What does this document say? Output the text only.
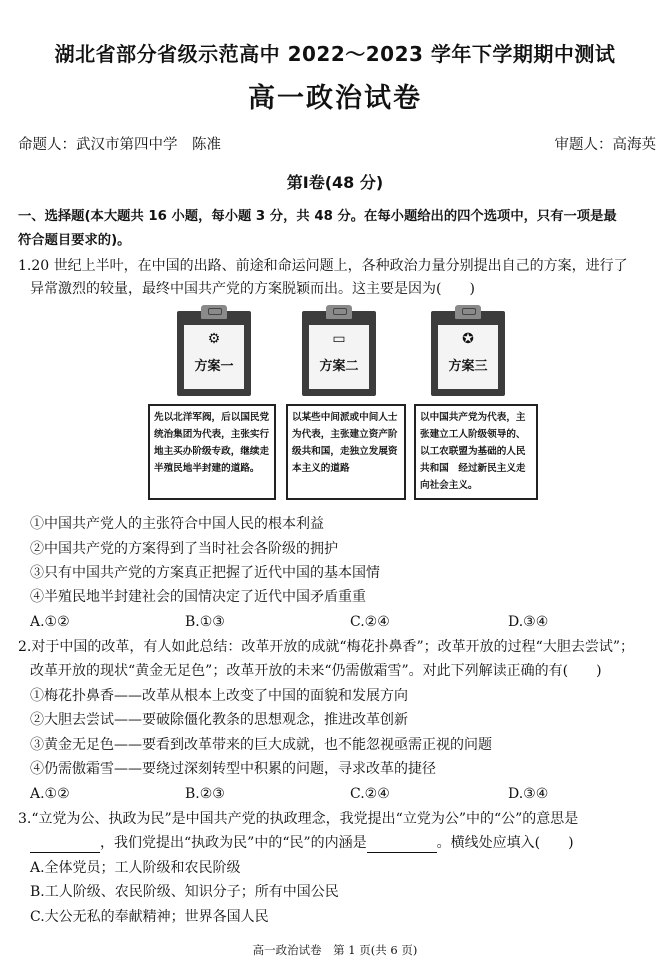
湖北省部分省级示范高中 2022～2023 学年下学期期中测试
高一政治试卷
命题人：武汉市第四中学　陈准	审题人：高海英
第Ⅰ卷(48 分)
一、选择题(本大题共 16 小题，每小题 3 分，共 48 分。在每小题给出的四个选项中，只有一项是最
符合题目要求的)。
1.20 世纪上半叶，在中国的出路、前途和命运问题上，各种政治力量分别提出自己的方案，进行了
异常激烈的较量，最终中国共产党的方案脱颖而出。这主要是因为(　　)
⚙
方案一
▭
方案二
✪
方案三
先以北洋军阀，后以国民党统治集团为代表，主张实行地主买办阶级专政，继续走半殖民地半封建的道路。
以某些中间派或中间人士为代表，主张建立资产阶级共和国，走独立发展资本主义的道路
以中国共产党为代表，主张建立工人阶级领导的、以工农联盟为基础的人民共和国　经过新民主义走向社会主义。
①中国共产党人的主张符合中国人民的根本利益
②中国共产党的方案得到了当时社会各阶级的拥护
③只有中国共产党的方案真正把握了近代中国的基本国情
④半殖民地半封建社会的国情决定了近代中国矛盾重重
A.①②	B.①③	C.②④	D.③④
2.对于中国的改革，有人如此总结：改革开放的成就“梅花扑鼻香”；改革开放的过程“大胆去尝试”；
改革开放的现状“黄金无足色”；改革开放的未来“仍需傲霜雪”。对此下列解读正确的有(　　)
①梅花扑鼻香——改革从根本上改变了中国的面貌和发展方向
②大胆去尝试——要破除僵化教条的思想观念，推进改革创新
③黄金无足色——要看到改革带来的巨大成就，也不能忽视亟需正视的问题
④仍需傲霜雪——要绕过深刻转型中积累的问题，寻求改革的捷径
A.①②	B.②③	C.②④	D.③④
3.“立党为公、执政为民”是中国共产党的执政理念，我党提出“立党为公”中的“公”的意思是
，我们党提出“执政为民”中的“民”的内涵是	。横线处应填入(　　)
A.全体党员；工人阶级和农民阶级
B.工人阶级、农民阶级、知识分子；所有中国公民
C.大公无私的奉献精神；世界各国人民
高一政治试卷　第 1 页(共 6 页)
